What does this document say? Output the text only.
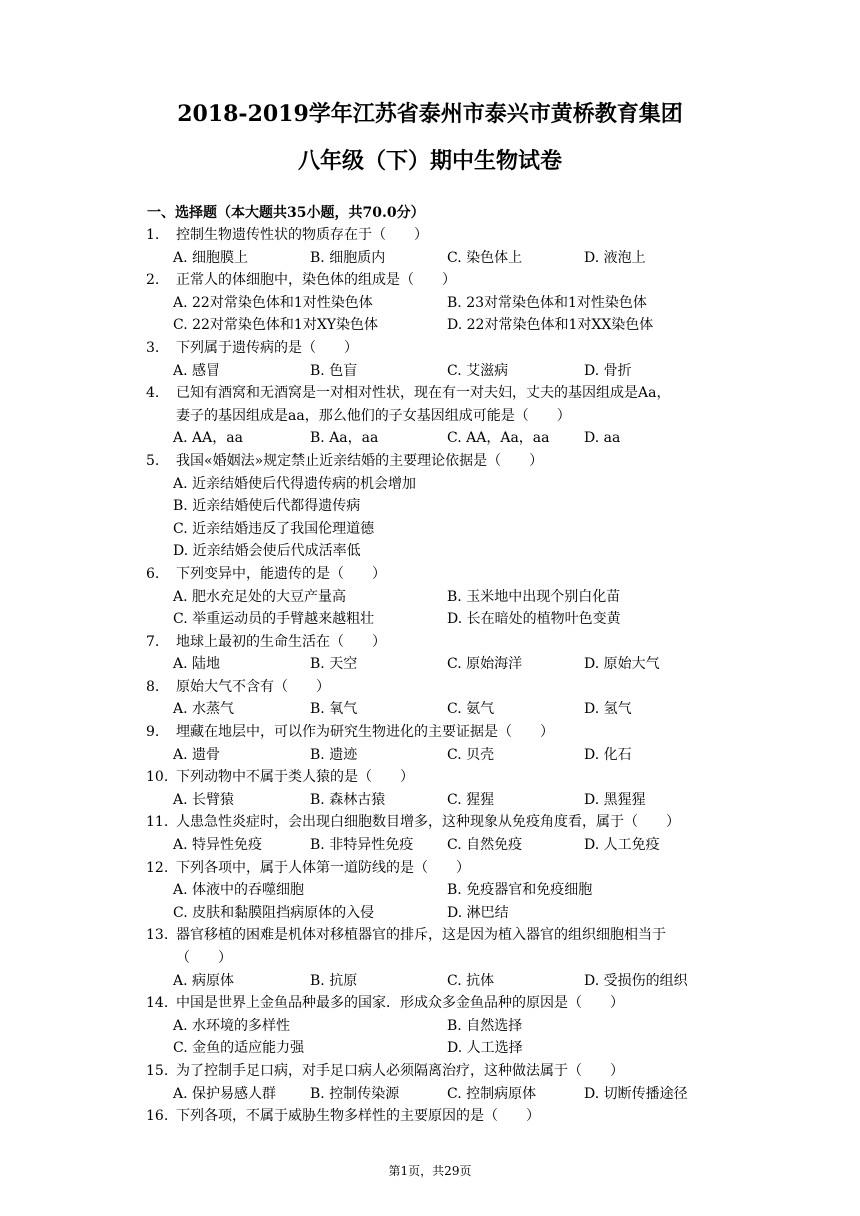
2018-2019学年江苏省泰州市泰兴市黄桥教育集团
八年级（下）期中生物试卷
一、选择题（本大题共35小题，共70.0分）
1. 控制生物遗传性状的物质存在于（　　）
A. 细胞膜上	B. 细胞质内	C. 染色体上	D. 液泡上
2. 正常人的体细胞中，染色体的组成是（　　）
A. 22对常染色体和1对性染色体	B. 23对常染色体和1对性染色体
C. 22对常染色体和1对XY染色体	D. 22对常染色体和1对XX染色体
3. 下列属于遗传病的是（　　）
A. 感冒	B. 色盲	C. 艾滋病	D. 骨折
4. 已知有酒窝和无酒窝是一对相对性状，现在有一对夫妇，丈夫的基因组成是Aa，
妻子的基因组成是aa，那么他们的子女基因组成可能是（　　）
A. AA，aa	B. Aa，aa	C. AA，Aa，aa D. aa
5. 我国«婚姻法»规定禁止近亲结婚的主要理论依据是（　　）
A. 近亲结婚使后代得遗传病的机会增加
B. 近亲结婚使后代都得遗传病
C. 近亲结婚违反了我国伦理道德
D. 近亲结婚会使后代成活率低
6. 下列变异中，能遗传的是（　　）
A. 肥水充足处的大豆产量高	B. 玉米地中出现个别白化苗
C. 举重运动员的手臂越来越粗壮	D. 长在暗处的植物叶色变黄
7. 地球上最初的生命生活在（　　）
A. 陆地	B. 天空	C. 原始海洋	D. 原始大气
8. 原始大气不含有（　　）
A. 水蒸气	B. 氧气	C. 氨气	D. 氢气
9. 埋藏在地层中，可以作为研究生物进化的主要证据是（　　）
A. 遗骨	B. 遗迹	C. 贝壳	D. 化石
10. 下列动物中不属于类人猿的是（　　）
A. 长臂猿	B. 森林古猿	C. 猩猩	D. 黑猩猩
11. 人患急性炎症时，会出现白细胞数目增多，这种现象从免疫角度看，属于（　　）
A. 特异性免疫	B. 非特异性免疫 C. 自然免疫	D. 人工免疫
12. 下列各项中，属于人体第一道防线的是（　　）
A. 体液中的吞噬细胞	B. 免疫器官和免疫细胞
C. 皮肤和黏膜阻挡病原体的入侵	D. 淋巴结
13. 器官移植的困难是机体对移植器官的排斥，这是因为植入器官的组织细胞相当于
（　　）
A. 病原体	B. 抗原	C. 抗体	D. 受损伤的组织
14. 中国是世界上金鱼品种最多的国家．形成众多金鱼品种的原因是（　　）
A. 水环境的多样性	B. 自然选择
C. 金鱼的适应能力强	D. 人工选择
15. 为了控制手足口病，对手足口病人必须隔离治疗，这种做法属于（　　）
A. 保护易感人群 B. 控制传染源	C. 控制病原体	D. 切断传播途径
16. 下列各项，不属于威胁生物多样性的主要原因的是（　　）
第1页，共29页
